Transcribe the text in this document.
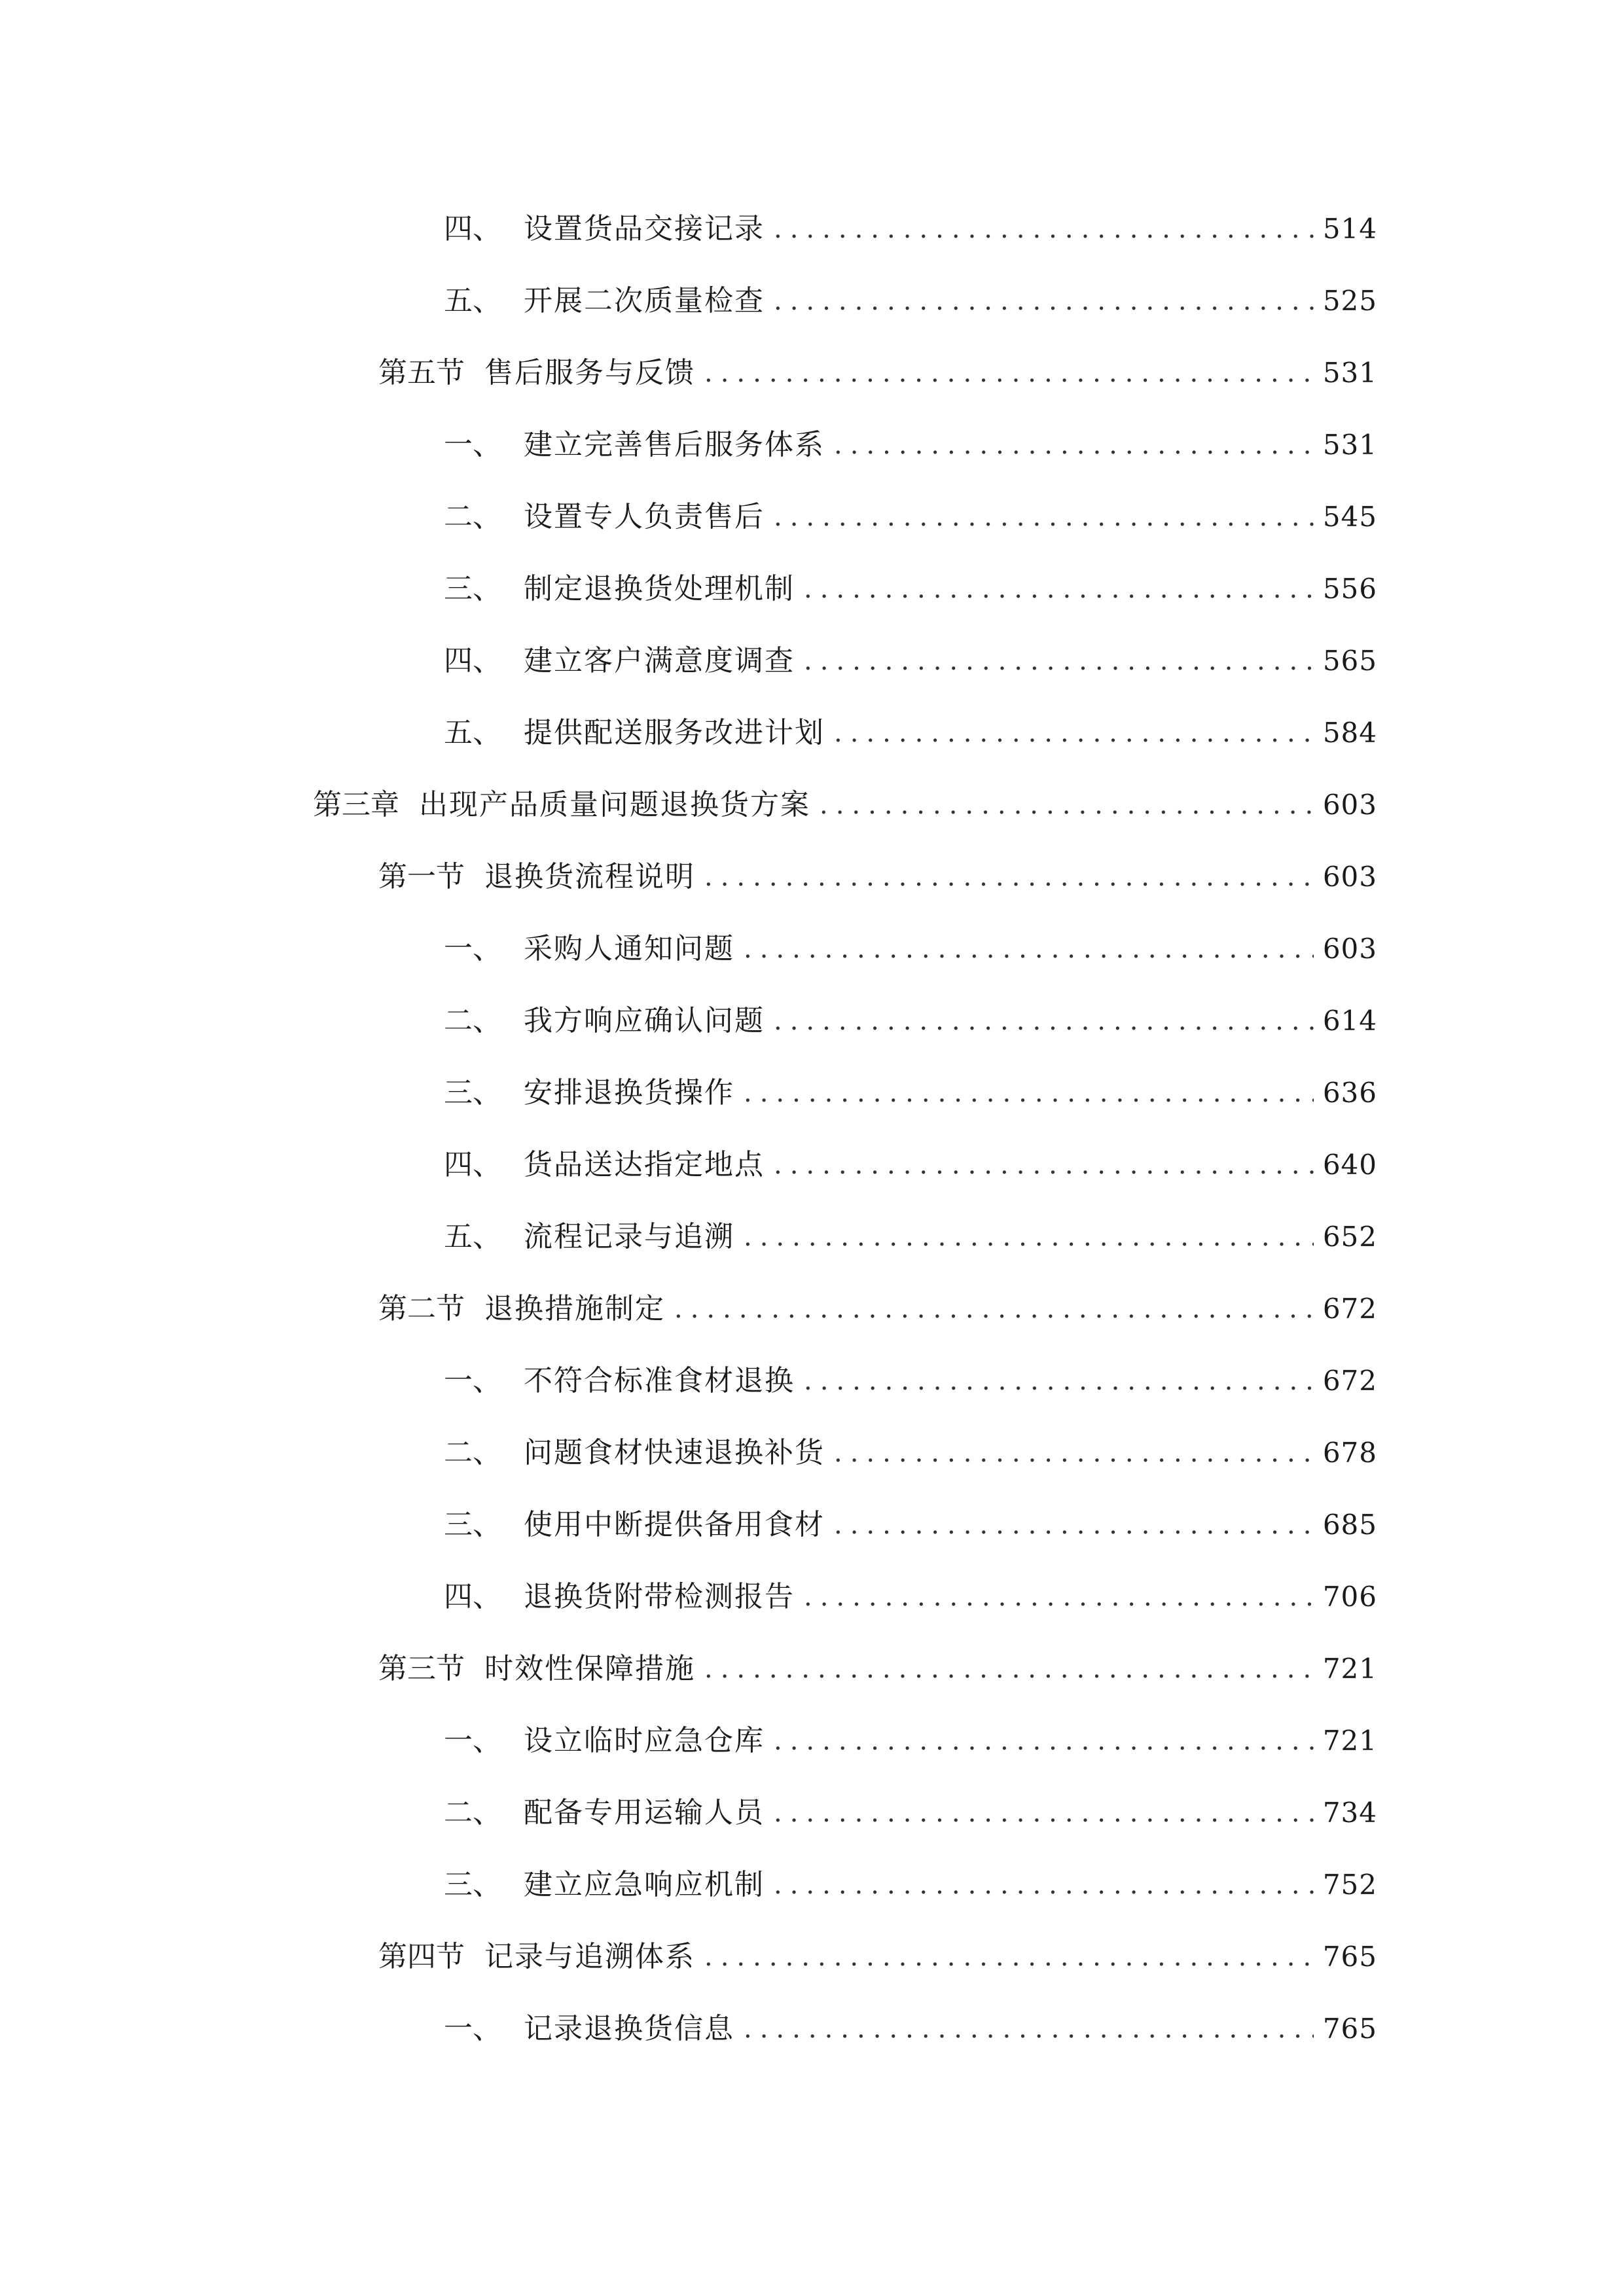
四、 设置货品交接记录 .....	514
五、 开展二次质量检查 .....	525
第五节 售后服务与反馈 .....	531
一、 建立完善售后服务体系 .....	531
二、 设置专人负责售后 .....	545
三、 制定退换货处理机制 .....	556
四、 建立客户满意度调查 .....	565
五、 提供配送服务改进计划 .....	584
第三章 出现产品质量问题退换货方案 .....	603
第一节 退换货流程说明 .....	603
一、 采购人通知问题 .....	603
二、 我方响应确认问题 .....	614
三、 安排退换货操作 .....	636
四、 货品送达指定地点 .....	640
五、 流程记录与追溯 .....	652
第二节 退换措施制定 .....	672
一、 不符合标准食材退换 .....	672
二、 问题食材快速退换补货 .....	678
三、 使用中断提供备用食材 .....	685
四、 退换货附带检测报告 .....	706
第三节 时效性保障措施 .....	721
一、 设立临时应急仓库 .....	721
二、 配备专用运输人员 .....	734
三、 建立应急响应机制 .....	752
第四节 记录与追溯体系 .....	765
一、 记录退换货信息 .....	765
